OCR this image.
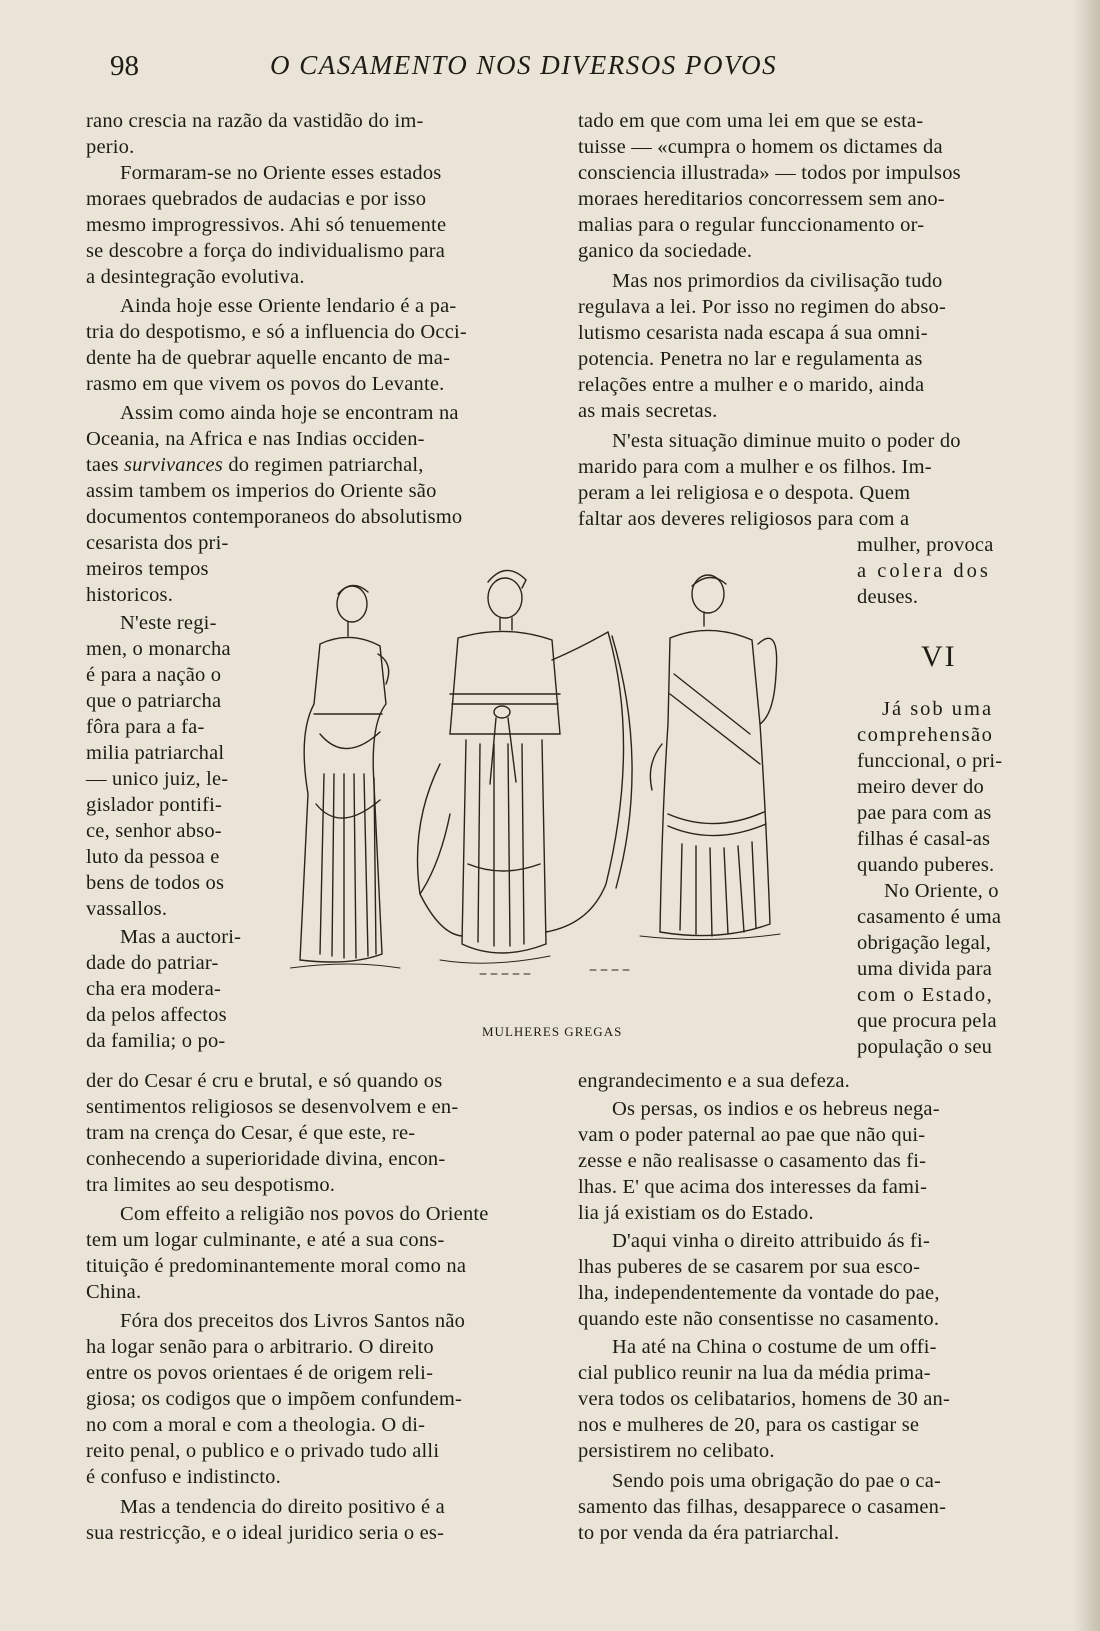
98	O CASAMENTO NOS DIVERSOS POVOS
rano crescia na razão da vastidão do im-
perio.
Formaram-se no Oriente esses estados
moraes quebrados de audacias e por isso
mesmo improgressivos. Ahi só tenuemente
se descobre a força do individualismo para
a desintegração evolutiva.
Ainda hoje esse Oriente lendario é a pa-
tria do despotismo, e só a influencia do Occi-
dente ha de quebrar aquelle encanto de ma-
rasmo em que vivem os povos do Levante.
Assim como ainda hoje se encontram na
Oceania, na Africa e nas Indias occiden-
taes survivances do regimen patriarchal,
assim tambem os imperios do Oriente são
documentos contemporaneos do absolutismo
cesarista dos pri-
meiros tempos
historicos.
N'este regi-
men, o monarcha
é para a nação o
que o patriarcha
fôra para a fa-
milia patriarchal
— unico juiz, le-
gislador pontifi-
ce, senhor abso-
luto da pessoa e
bens de todos os
vassallos.
Mas a auctori-
dade do patriar-
cha era modera-
da pelos affectos
da familia; o po-
der do Cesar é cru e brutal, e só quando os
sentimentos religiosos se desenvolvem e en-
tram na crença do Cesar, é que este, re-
conhecendo a superioridade divina, encon-
tra limites ao seu despotismo.
Com effeito a religião nos povos do Oriente
tem um logar culminante, e até a sua cons-
tituição é predominantemente moral como na
China.
Fóra dos preceitos dos Livros Santos não
ha logar senão para o arbitrario. O direito
entre os povos orientaes é de origem reli-
giosa; os codigos que o impõem confundem-
no com a moral e com a theologia. O di-
reito penal, o publico e o privado tudo alli
é confuso e indistincto.
Mas a tendencia do direito positivo é a
sua restricção, e o ideal juridico seria o es-
tado em que com uma lei em que se esta-
tuisse — «cumpra o homem os dictames da
consciencia illustrada» — todos por impulsos
moraes hereditarios concorressem sem ano-
malias para o regular funccionamento or-
ganico da sociedade.
Mas nos primordios da civilisação tudo
regulava a lei. Por isso no regimen do abso-
lutismo cesarista nada escapa á sua omni-
potencia. Penetra no lar e regulamenta as
relações entre a mulher e o marido, ainda
as mais secretas.
N'esta situação diminue muito o poder do
marido para com a mulher e os filhos. Im-
peram a lei religiosa e o despota. Quem
faltar aos deveres religiosos para com a
mulher, provoca
a colera dos
deuses.
VI
Já sob uma
comprehensão
funccional, o pri-
meiro dever do
pae para com as
filhas é casal-as
quando puberes.
No Oriente, o
casamento é uma
obrigação legal,
uma divida para
com o Estado,
que procura pela
população o seu
engrandecimento e a sua defeza.
Os persas, os indios e os hebreus nega-
vam o poder paternal ao pae que não qui-
zesse e não realisasse o casamento das fi-
lhas. E' que acima dos interesses da fami-
lia já existiam os do Estado.
D'aqui vinha o direito attribuido ás fi-
lhas puberes de se casarem por sua esco-
lha, independentemente da vontade do pae,
quando este não consentisse no casamento.
Ha até na China o costume de um offi-
cial publico reunir na lua da média prima-
vera todos os celibatarios, homens de 30 an-
nos e mulheres de 20, para os castigar se
persistirem no celibato.
Sendo pois uma obrigação do pae o ca-
samento das filhas, desapparece o casamen-
to por venda da éra patriarchal.
MULHERES GREGAS
